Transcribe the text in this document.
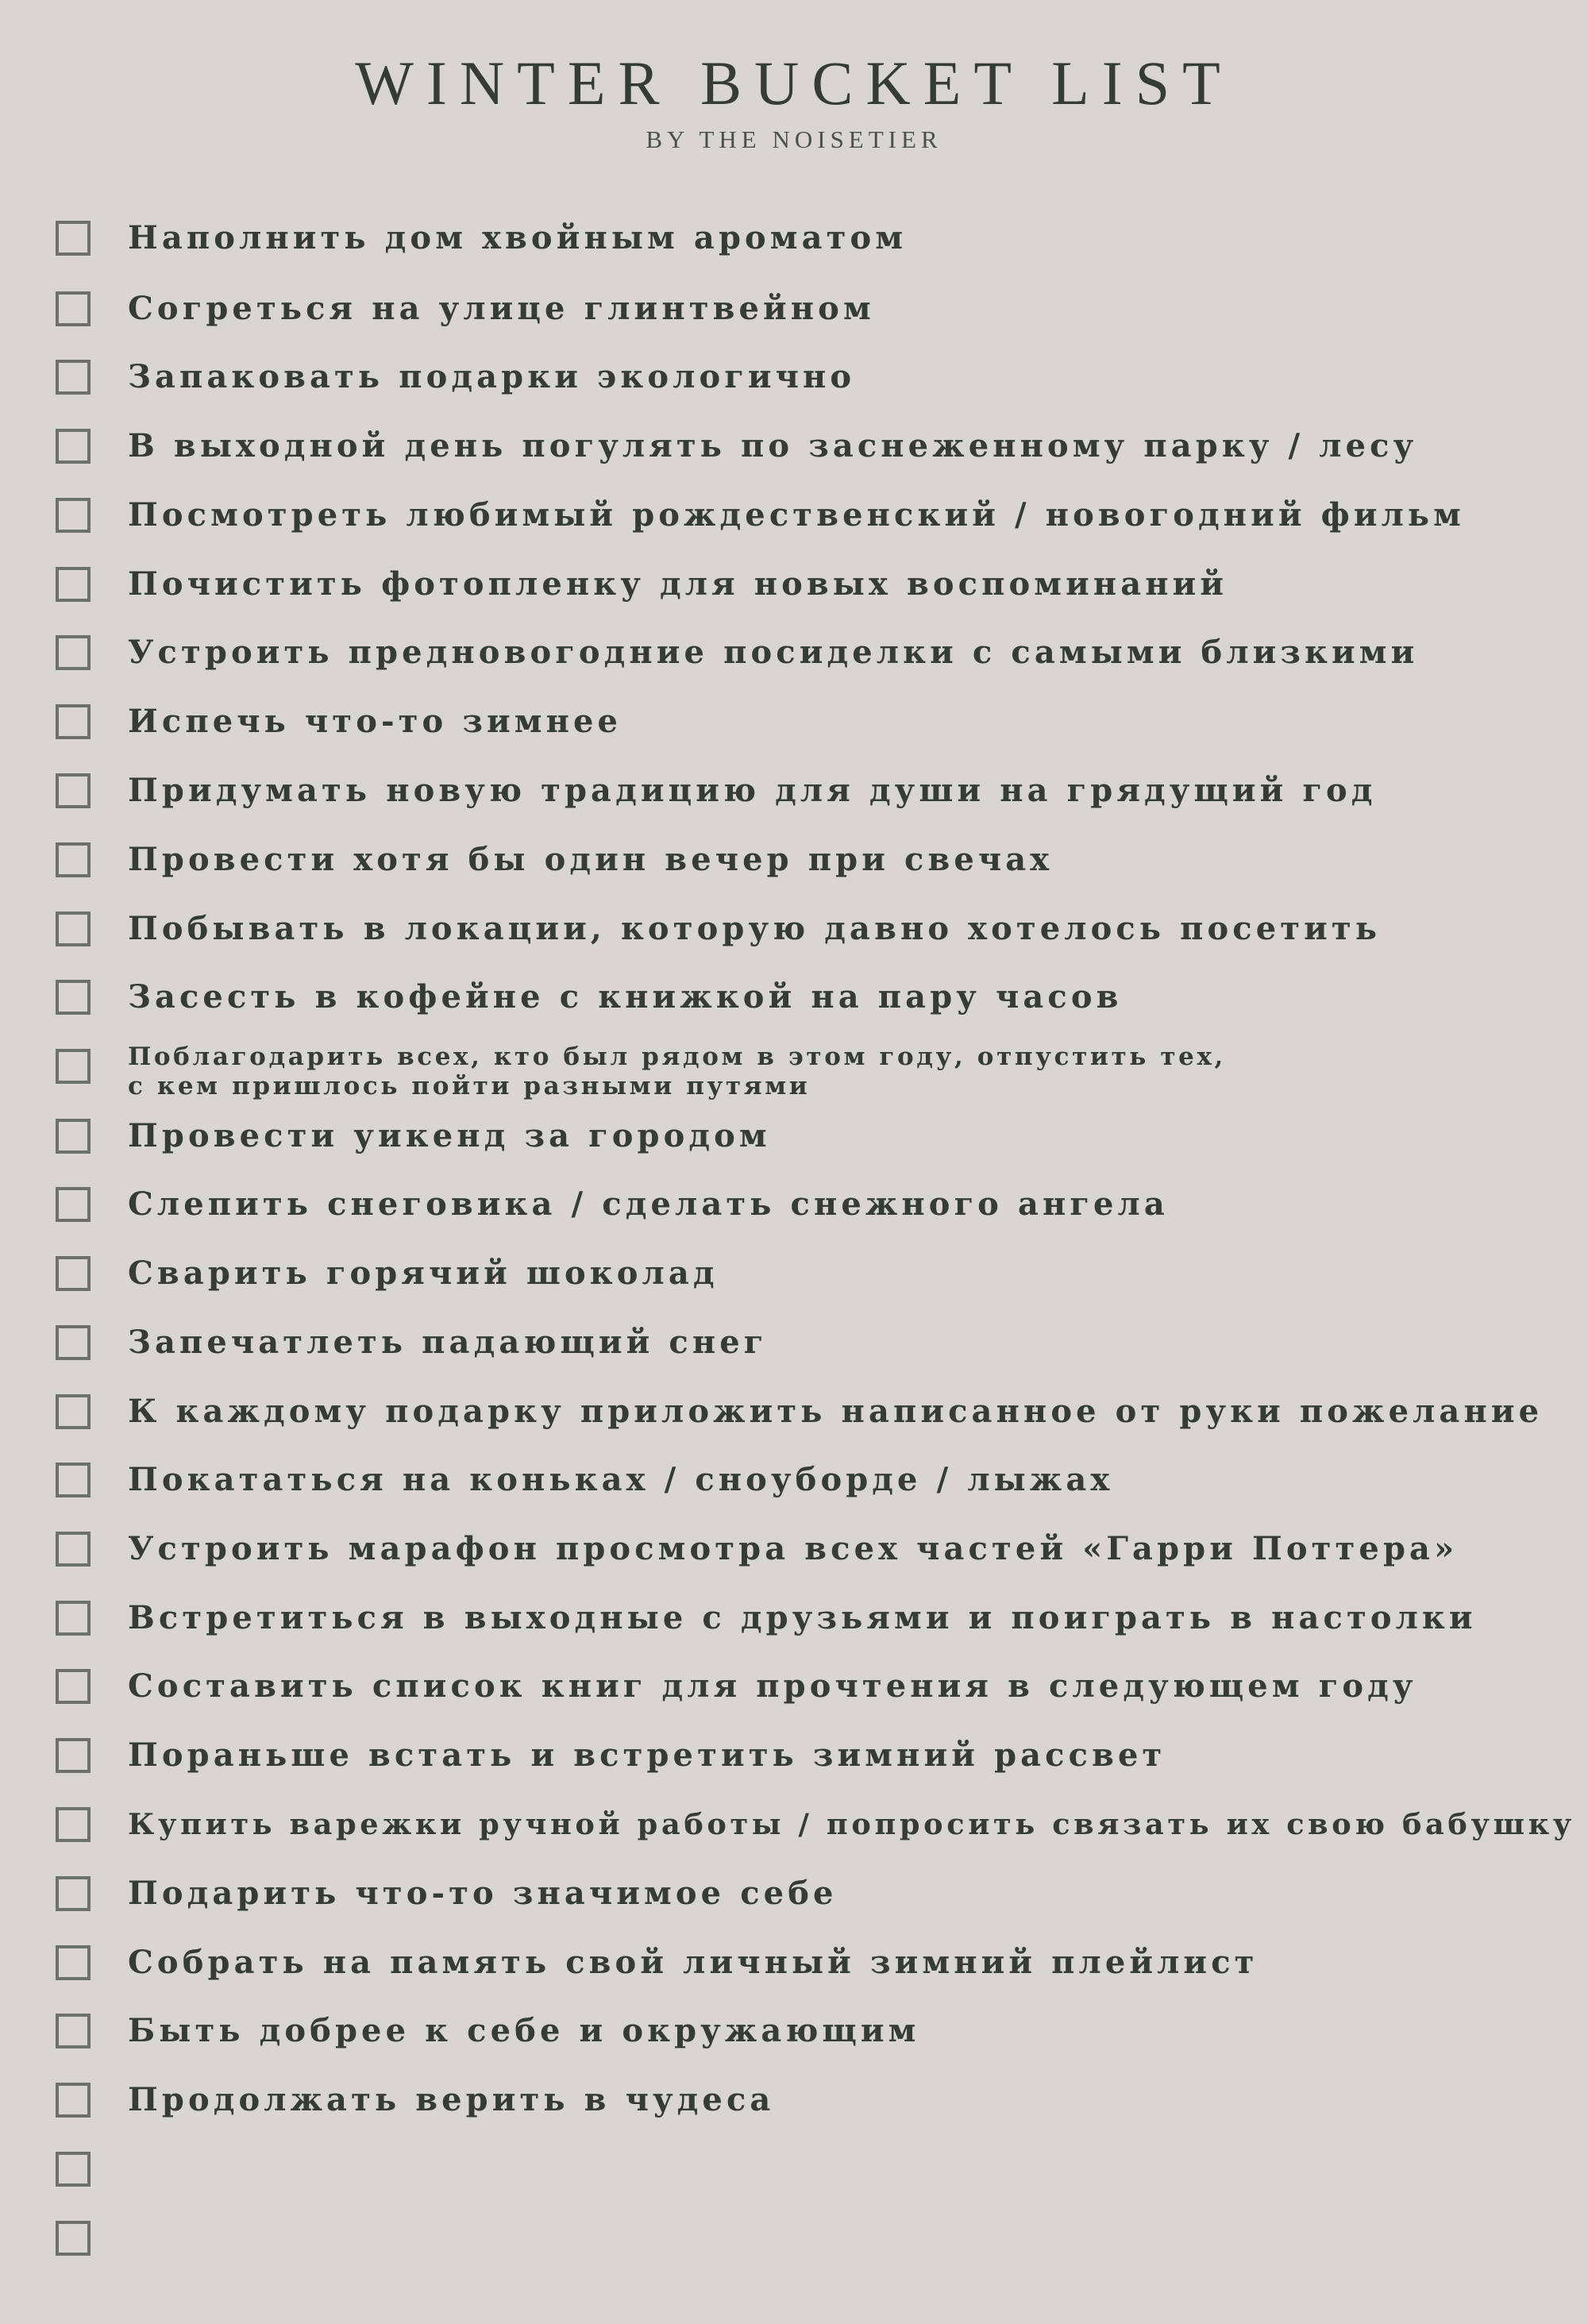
WINTER BUCKET LIST
BY THE NOISETIER
Наполнить дом хвойным ароматом
Согреться на улице глинтвейном
Запаковать подарки экологично
В выходной день погулять по заснеженному парку / лесу
Посмотреть любимый рождественский / новогодний фильм
Почистить фотопленку для новых воспоминаний
Устроить предновогодние посиделки с самыми близкими
Испечь что-то зимнее
Придумать новую традицию для души на грядущий год
Провести хотя бы один вечер при свечах
Побывать в локации, которую давно хотелось посетить
Засесть в кофейне с книжкой на пару часов
Поблагодарить всех, кто был рядом в этом году, отпустить тех,
с кем пришлось пойти разными путями
Провести уикенд за городом
Слепить снеговика / сделать снежного ангела
Сварить горячий шоколад
Запечатлеть падающий снег
К каждому подарку приложить написанное от руки пожелание
Покататься на коньках / сноуборде / лыжах
Устроить марафон просмотра всех частей «Гарри Поттера»
Встретиться в выходные с друзьями и поиграть в настолки
Составить список книг для прочтения в следующем году
Пораньше встать и встретить зимний рассвет
Купить варежки ручной работы / попросить связать их свою бабушку
Подарить что-то значимое себе
Собрать на память свой личный зимний плейлист
Быть добрее к себе и окружающим
Продолжать верить в чудеса
